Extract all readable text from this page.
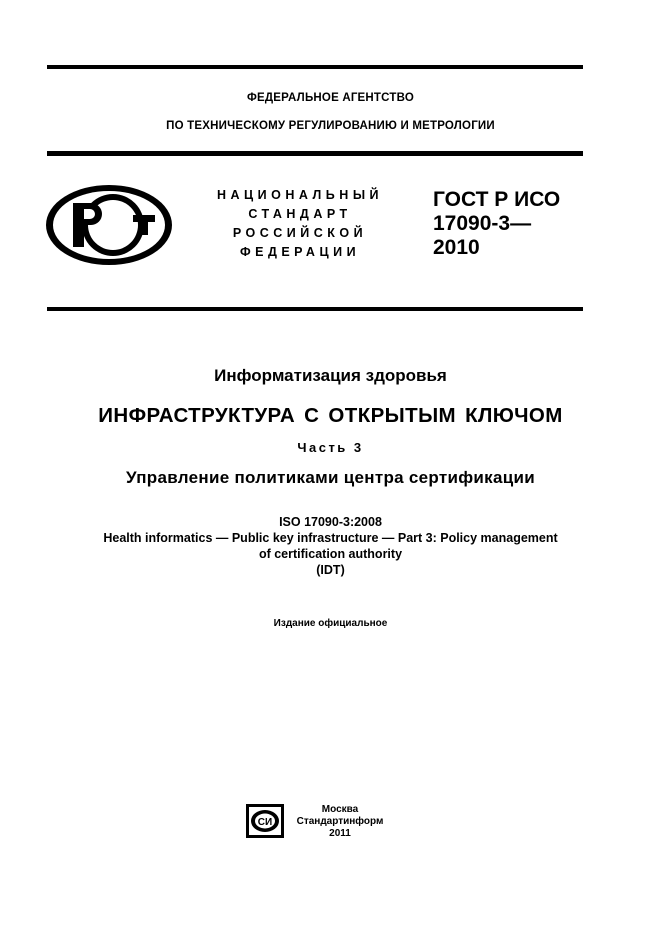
ФЕДЕРАЛЬНОЕ АГЕНТСТВО
ПО ТЕХНИЧЕСКОМУ РЕГУЛИРОВАНИЮ И МЕТРОЛОГИИ
НАЦИОНАЛЬНЫЙ
СТАНДАРТ
РОССИЙСКОЙ
ФЕДЕРАЦИИ
ГОСТ Р ИСО
17090-3—
2010
Информатизация здоровья
ИНФРАСТРУКТУРА С ОТКРЫТЫМ КЛЮЧОМ
Часть 3
Управление политиками центра сертификации
ISO 17090-3:2008
Health informatics — Public key infrastructure — Part 3: Policy management
of certification authority
(IDT)
Издание официальное
СИ
Москва
Стандартинформ
2011
